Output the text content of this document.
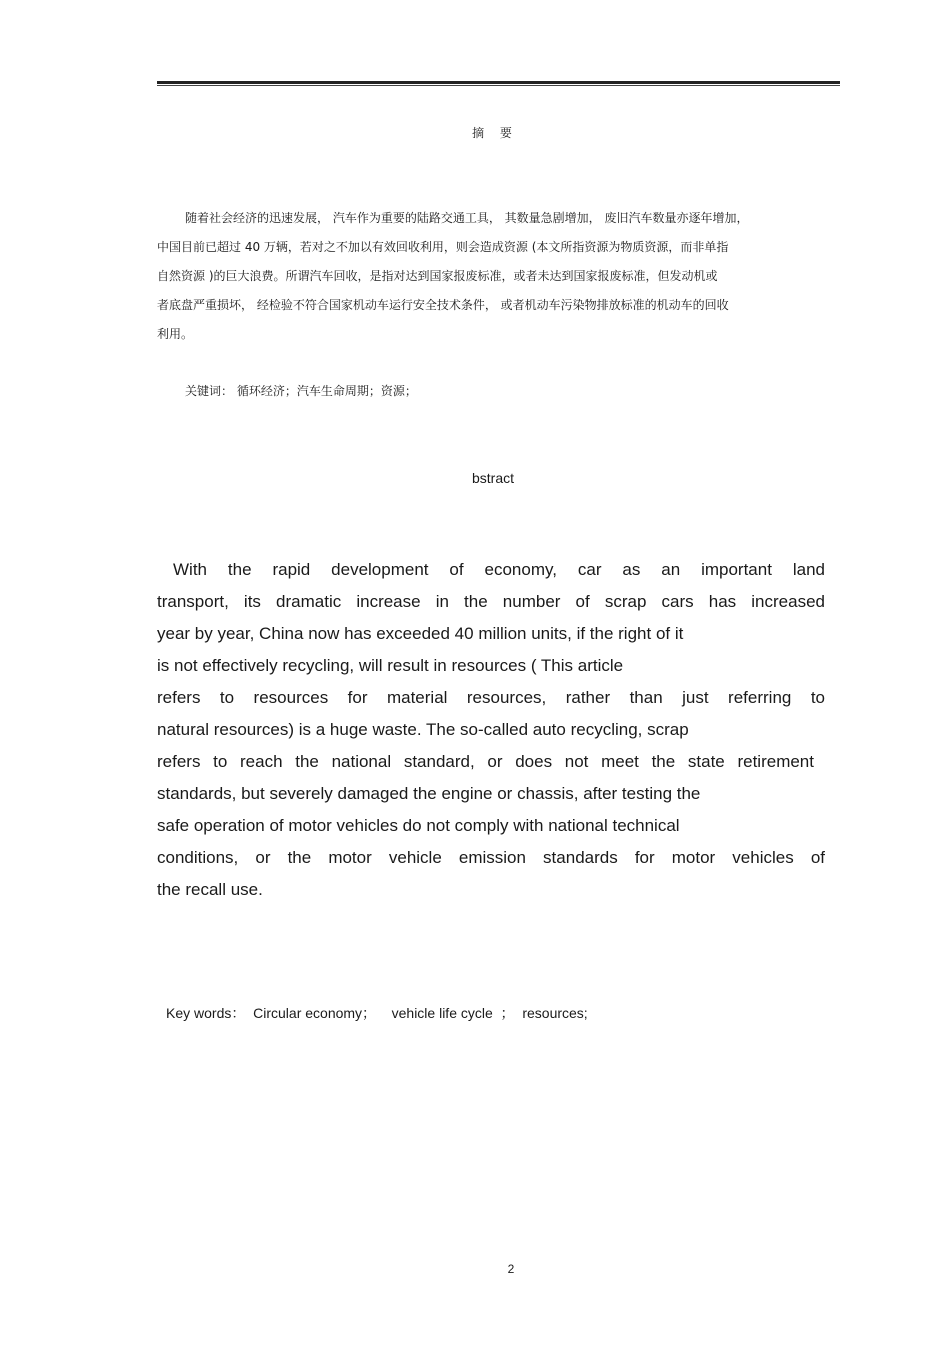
摘 要
随着社会经济的迅速发展， 汽车作为重要的陆路交通工具， 其数量急剧增加， 废旧汽车数量亦逐年增加，
中国目前已超过 40 万辆，若对之不加以有效回收利用，则会造成资源 (本文所指资源为物质资源，而非单指
自然资源 )的巨大浪费。所谓汽车回收，是指对达到国家报废标准，或者未达到国家报废标准，但发动机或
者底盘严重损坏， 经检验不符合国家机动车运行安全技术条件， 或者机动车污染物排放标准的机动车的回收
利用。
关键词： 循环经济；汽车生命周期；资源；
bstract
With the rapid development of economy, car as an important land
transport, its dramatic increase in the number of scrap cars has increased
year by year, China now has exceeded 40 million units, if the right of it
is not effectively recycling, will result in resources ( This article
refers to resources for material resources, rather than just referring to
natural resources) is a huge waste. The so-called auto recycling, scrap
refers to reach the national standard, or does not meet the state retirement
standards, but severely damaged the engine or chassis, after testing the
safe operation of motor vehicles do not comply with national technical
conditions, or the motor vehicle emission standards for motor vehicles of
the recall use.
Key words：  Circular economy；    vehicle life cycle  ；  resources;
2
